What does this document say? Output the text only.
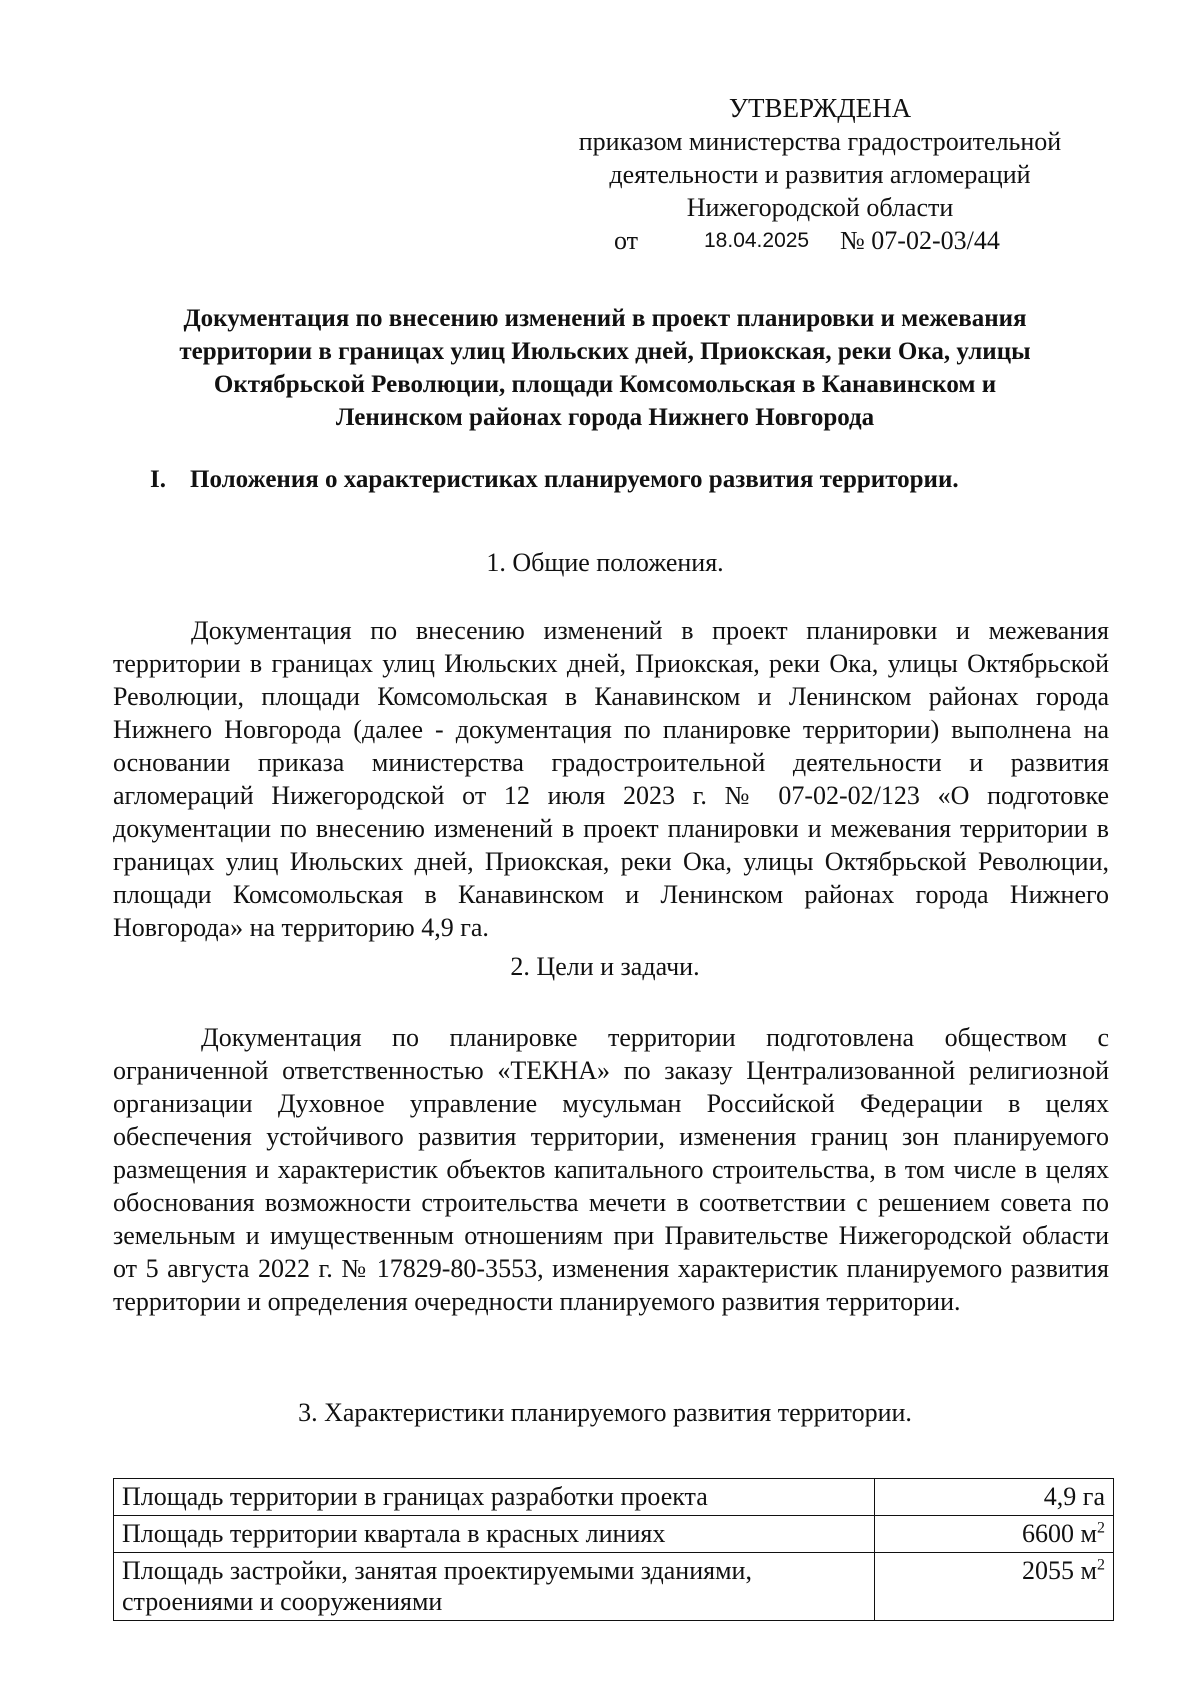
УТВЕРЖДЕНА
приказом министерства градостроительной
деятельности и развития агломераций
Нижегородской области
от	18.04.2025 № 07-02-03/44
Документация по внесению изменений в проект планировки и межевания
территории в границах улиц Июльских дней, Приокская, реки Ока, улицы
Октябрьской Революции, площади Комсомольская в Канавинском и
Ленинском районах города Нижнего Новгорода
I. Положения о характеристиках планируемого развития территории.
1. Общие положения.
Документация по внесению изменений в проект планировки и межевания территории в границах улиц Июльских дней, Приокская, реки Ока, улицы Октябрьской Революции, площади Комсомольская в Канавинском и Ленинском районах города Нижнего Новгорода (далее - документация по планировке территории) выполнена на основании приказа министерства градостроительной деятельности и развития агломераций Нижегородской от 12 июля 2023 г. № 07-02-02/123 «О подготовке документации по внесению изменений в проект планировки и межевания территории в границах улиц Июльских дней, Приокская, реки Ока, улицы Октябрьской Революции, площади Комсомольская в Канавинском и Ленинском районах города Нижнего Новгорода» на территорию 4,9 га.
2. Цели и задачи.
Документация по планировке территории подготовлена обществом с ограниченной ответственностью «ТЕКНА» по заказу Централизованной религиозной организации Духовное управление мусульман Российской Федерации в целях обеспечения устойчивого развития территории, изменения границ зон планируемого размещения и характеристик объектов капитального строительства, в том числе в целях обоснования возможности строительства мечети в соответствии с решением совета по земельным и имущественным отношениям при Правительстве Нижегородской области от 5 августа 2022 г. № 17829-80-3553, изменения характеристик планируемого развития территории и определения очередности планируемого развития территории.
3. Характеристики планируемого развития территории.
Площадь территории в границах разработки проекта	4,9 га
Площадь территории квартала в красных линиях	6600 $м^2$
Площадь застройки, занятая проектируемыми зданиями, строениями и сооружениями	2055 $м^2$
